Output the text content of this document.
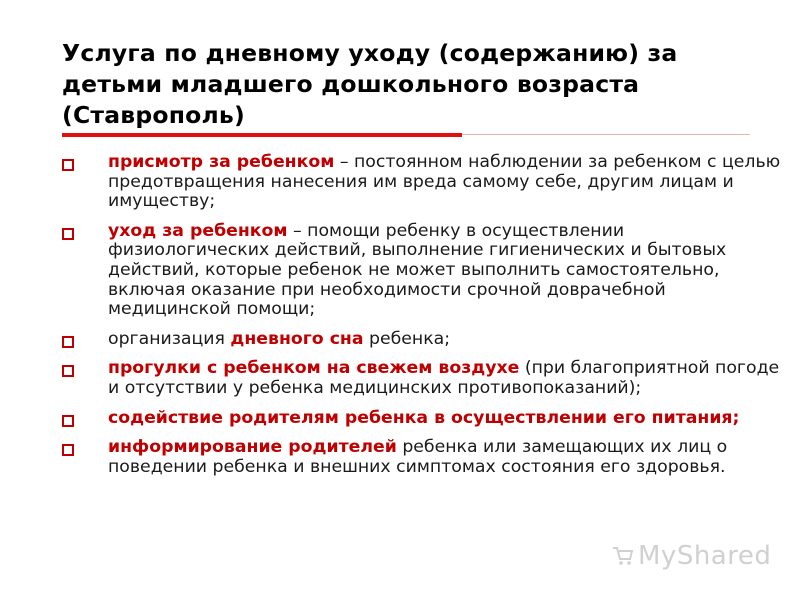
Услуга по дневному уходу (содержанию) за детьми младшего дошкольного возраста (Ставрополь)
присмотр за ребенком – постоянном наблюдении за ребенком с целью предотвращения нанесения им вреда самому себе, другим лицам и имуществу;
уход за ребенком – помощи ребенку в осуществлении физиологических действий, выполнение гигиенических и бытовых действий, которые ребенок не может выполнить самостоятельно, включая оказание при необходимости срочной доврачебной медицинской помощи;
организация дневного сна ребенка;
прогулки с ребенком на свежем воздухе (при благоприятной погоде и отсутствии у ребенка медицинских противопоказаний);
содействие родителям ребенка в осуществлении его питания;
информирование родителей ребенка или замещающих их лиц о поведении ребенка и внешних симптомах состояния его здоровья.
MyShared
